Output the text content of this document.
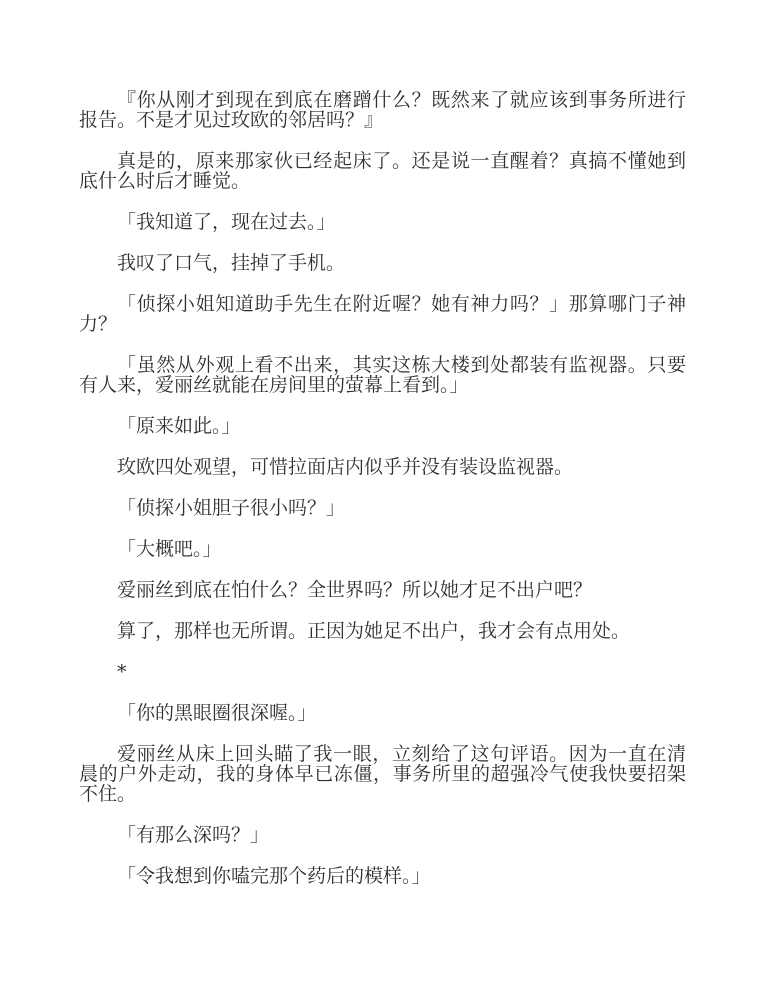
『你从刚才到现在到底在磨蹭什么？既然来了就应该到事务所进行报告。不是才见过玫欧的邻居吗？』

真是的，原来那家伙已经起床了。还是说一直醒着？真搞不懂她到底什么时后才睡觉。

「我知道了，现在过去。」

我叹了口气，挂掉了手机。

「侦探小姐知道助手先生在附近喔？她有神力吗？」那算哪门子神力？

「虽然从外观上看不出来，其实这栋大楼到处都装有监视器。只要有人来，爱丽丝就能在房间里的萤幕上看到。」

「原来如此。」

玫欧四处观望，可惜拉面店内似乎并没有装设监视器。

「侦探小姐胆子很小吗？」

「大概吧。」

爱丽丝到底在怕什么？全世界吗？所以她才足不出户吧？

算了，那样也无所谓。正因为她足不出户，我才会有点用处。

*

「你的黑眼圈很深喔。」

爱丽丝从床上回头瞄了我一眼，立刻给了这句评语。因为一直在清晨的户外走动，我的身体早已冻僵，事务所里的超强冷气使我快要招架不住。

「有那么深吗？」

「令我想到你嗑完那个药后的模样。」
